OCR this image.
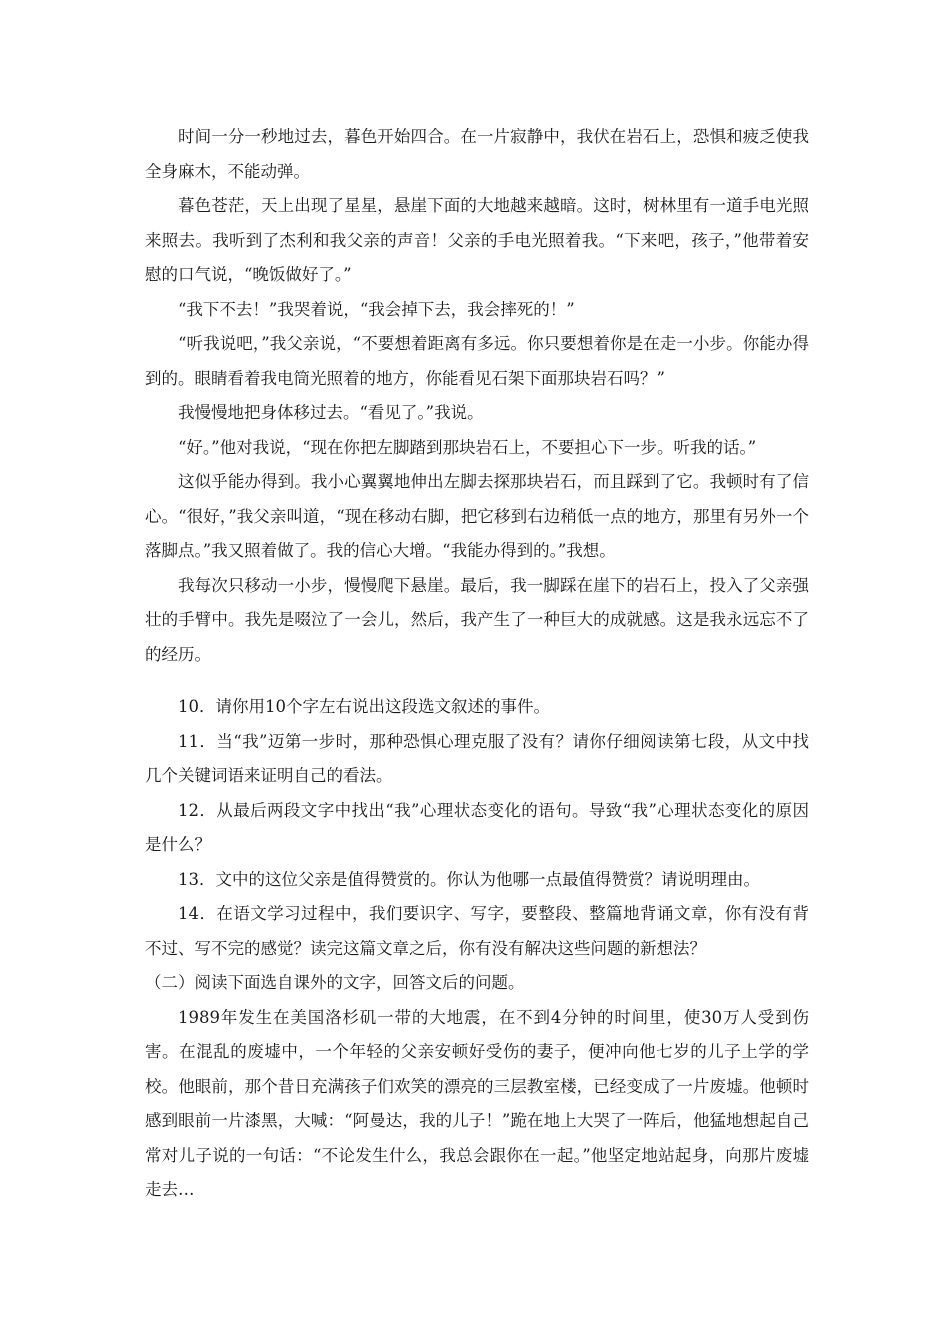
时间一分一秒地过去，暮色开始四合。在一片寂静中，我伏在岩石上，恐惧和疲乏使我全身麻木，不能动弹。

暮色苍茫，天上出现了星星，悬崖下面的大地越来越暗。这时，树林里有一道手电光照来照去。我听到了杰利和我父亲的声音！父亲的手电光照着我。“下来吧，孩子，”他带着安慰的口气说，“晚饭做好了。”

“我下不去！”我哭着说，“我会掉下去，我会摔死的！”

“听我说吧，”我父亲说，“不要想着距离有多远。你只要想着你是在走一小步。你能办得到的。眼睛看着我电筒光照着的地方，你能看见石架下面那块岩石吗？”

我慢慢地把身体移过去。“看见了。”我说。

“好。”他对我说，“现在你把左脚踏到那块岩石上，不要担心下一步。听我的话。”

这似乎能办得到。我小心翼翼地伸出左脚去探那块岩石，而且踩到了它。我顿时有了信心。“很好，”我父亲叫道，“现在移动右脚，把它移到右边稍低一点的地方，那里有另外一个落脚点。”我又照着做了。我的信心大增。“我能办得到的。”我想。

我每次只移动一小步，慢慢爬下悬崖。最后，我一脚踩在崖下的岩石上，投入了父亲强壮的手臂中。我先是啜泣了一会儿，然后，我产生了一种巨大的成就感。这是我永远忘不了的经历。

10．请你用10个字左右说出这段选文叙述的事件。

11．当“我”迈第一步时，那种恐惧心理克服了没有？请你仔细阅读第七段，从文中找几个关键词语来证明自己的看法。

12．从最后两段文字中找出“我”心理状态变化的语句。导致“我”心理状态变化的原因是什么？

13．文中的这位父亲是值得赞赏的。你认为他哪一点最值得赞赏？请说明理由。

14．在语文学习过程中，我们要识字、写字，要整段、整篇地背诵文章，你有没有背不过、写不完的感觉？读完这篇文章之后，你有没有解决这些问题的新想法？

（二）阅读下面选自课外的文字，回答文后的问题。

1989年发生在美国洛杉矶一带的大地震，在不到4分钟的时间里，使30万人受到伤害。在混乱的废墟中，一个年轻的父亲安顿好受伤的妻子，便冲向他七岁的儿子上学的学校。他眼前，那个昔日充满孩子们欢笑的漂亮的三层教室楼，已经变成了一片废墟。他顿时感到眼前一片漆黑，大喊：“阿曼达，我的儿子！”跪在地上大哭了一阵后，他猛地想起自己常对儿子说的一句话：“不论发生什么，我总会跟你在一起。”他坚定地站起身，向那片废墟走去…
